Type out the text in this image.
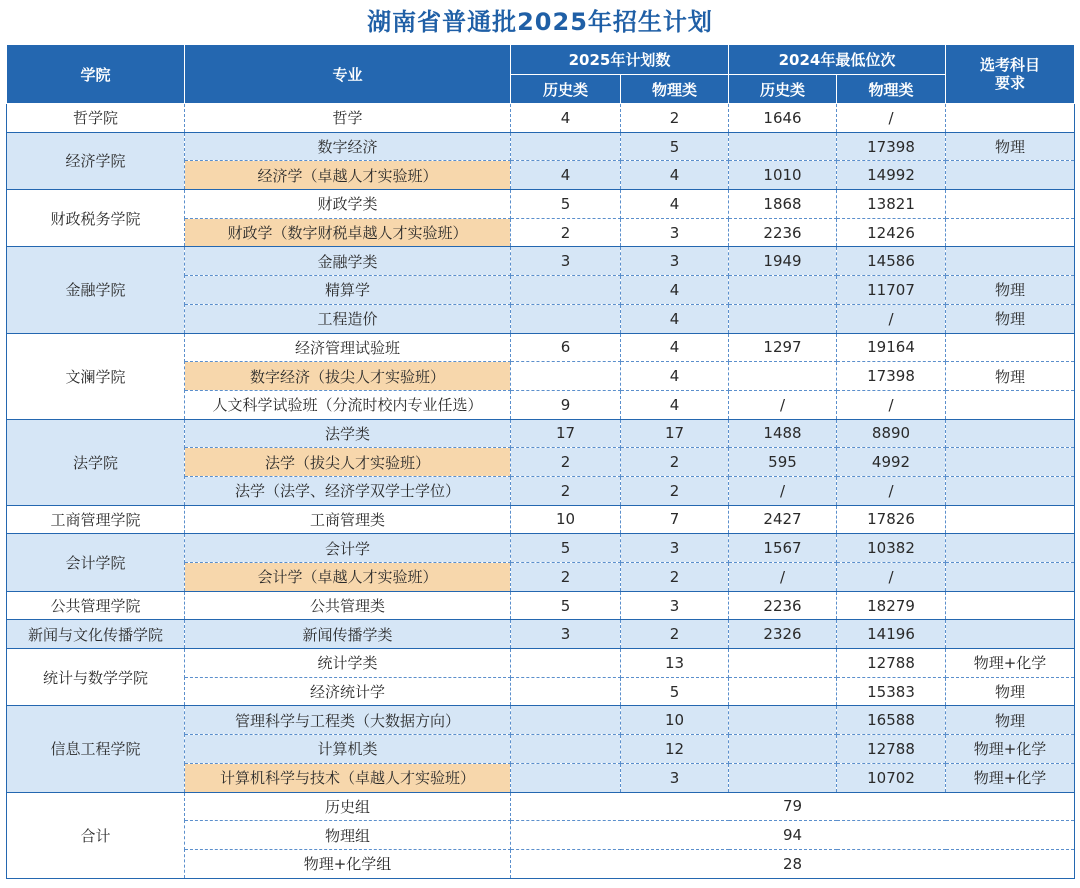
湖南省普通批2025年招生计划
学院	专业	2025年计划数		2024年最低位次		选考科目要求
		历史类	物理类	历史类	物理类	
哲学院	哲学	4	2	1646	/	
经济学院	数字经济		5		17398	物理
	经济学（卓越人才实验班）	4	4	1010	14992	
财政税务学院	财政学类	5	4	1868	13821	
	财政学（数字财税卓越人才实验班）	2	3	2236	12426	
金融学院	金融学类	3	3	1949	14586	
	精算学		4		11707	物理
	工程造价		4		/	物理
文澜学院	经济管理试验班	6	4	1297	19164	
	数字经济（拔尖人才实验班）		4		17398	物理
	人文科学试验班（分流时校内专业任选）	9	4	/	/	
法学院	法学类	17	17	1488	8890	
	法学（拔尖人才实验班）	2	2	595	4992	
	法学（法学、经济学双学士学位）	2	2	/	/	
工商管理学院	工商管理类	10	7	2427	17826	
会计学院	会计学	5	3	1567	10382	
	会计学（卓越人才实验班）	2	2	/	/	
公共管理学院	公共管理类	5	3	2236	18279	
新闻与文化传播学院	新闻传播学类	3	2	2326	14196	
统计与数学学院	统计学类		13		12788	物理+化学
	经济统计学		5		15383	物理
信息工程学院	管理科学与工程类（大数据方向）		10		16588	物理
	计算机类		12		12788	物理+化学
	计算机科学与技术（卓越人才实验班）		3		10702	物理+化学
合计	历史组	79				
	物理组	94				
	物理+化学组	28				
